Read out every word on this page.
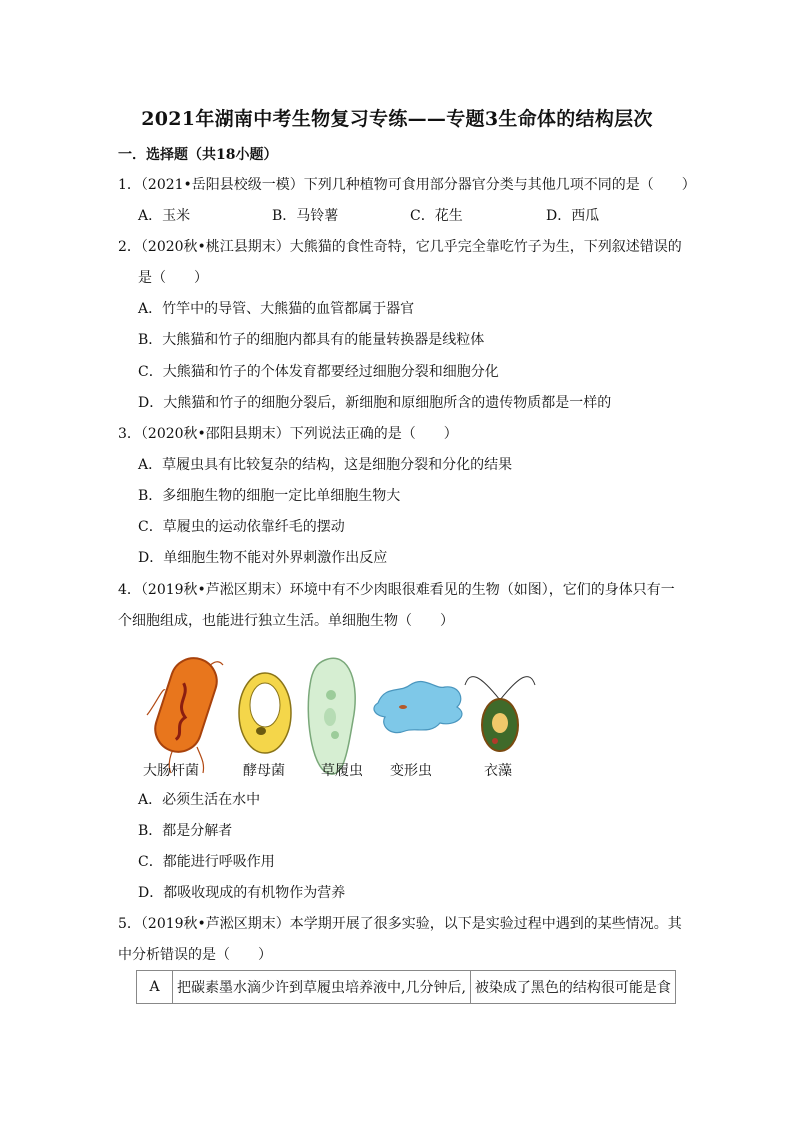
2021年湖南中考生物复习专练——专题3生命体的结构层次
一．选择题（共18小题）
1．（2021•岳阳县校级一模）下列几种植物可食用部分器官分类与其他几项不同的是（　　）
A．玉米	B．马铃薯	C．花生	D．西瓜
2．（2020秋•桃江县期末）大熊猫的食性奇特，它几乎完全靠吃竹子为生，下列叙述错误的
是（　　）
A．竹竿中的导管、大熊猫的血管都属于器官
B．大熊猫和竹子的细胞内都具有的能量转换器是线粒体
C．大熊猫和竹子的个体发育都要经过细胞分裂和细胞分化
D．大熊猫和竹子的细胞分裂后，新细胞和原细胞所含的遗传物质都是一样的
3．（2020秋•邵阳县期末）下列说法正确的是（　　）
A．草履虫具有比较复杂的结构，这是细胞分裂和分化的结果
B．多细胞生物的细胞一定比单细胞生物大
C．草履虫的运动依靠纤毛的摆动
D．单细胞生物不能对外界刺激作出反应
4．（2019秋•芦淞区期末）环境中有不少肉眼很难看见的生物（如图），它们的身体只有一
个细胞组成，也能进行独立生活。单细胞生物（　　）
大肠杆菌	酵母菌	草履虫 变形虫	衣藻
A．必须生活在水中
B．都是分解者
C．都能进行呼吸作用
D．都吸收现成的有机物作为营养
5．（2019秋•芦淞区期末）本学期开展了很多实验，以下是实验过程中遇到的某些情况。其
中分析错误的是（　　）
A	把碳素墨水滴少许到草履虫培养液中,几分钟后,	被染成了黑色的结构很可能是食
